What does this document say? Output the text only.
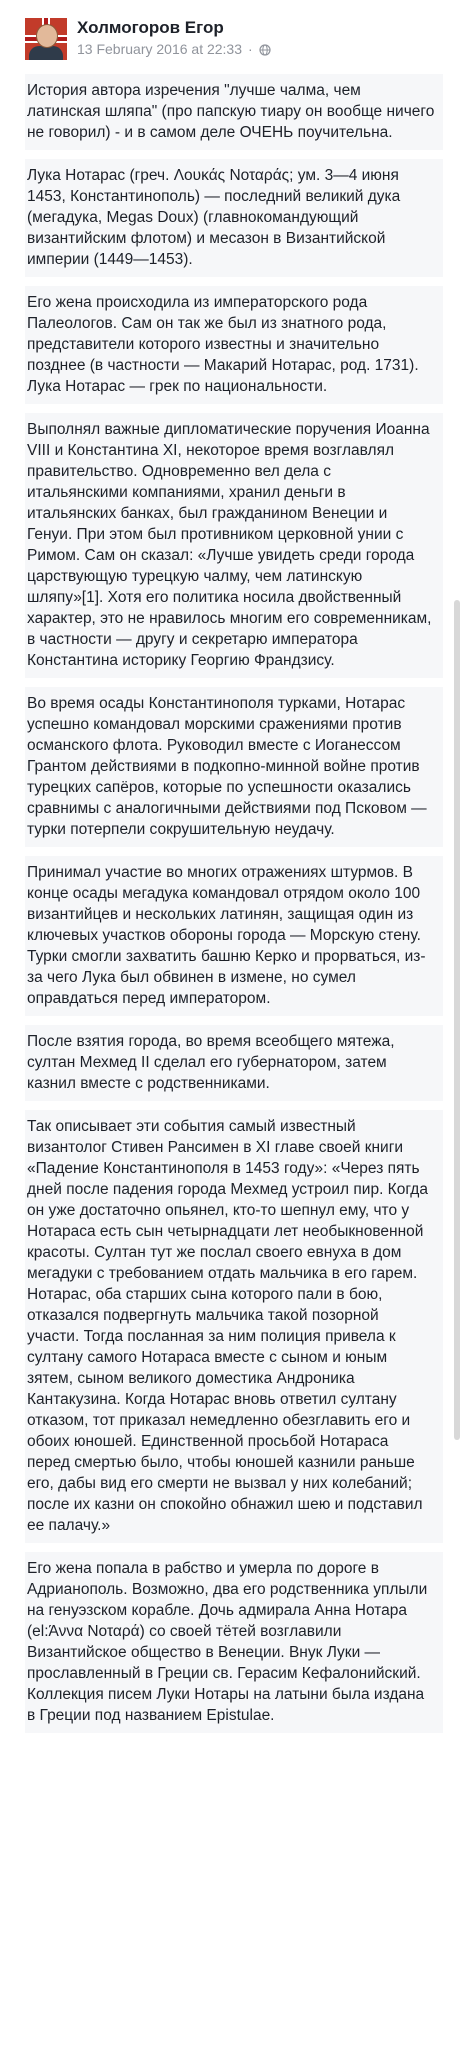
Холмогоров Егор
13 February 2016 at 22:33 ·
История автора изречения "лучше чалма, чем латинская шляпа" (про папскую тиару он вообще ничего не говорил) - и в самом деле ОЧЕНЬ поучительна.
Лука Нотарас (греч. Λουκάς Νοταράς; ум. 3—4 июня 1453, Константинополь) — последний великий дука (мегадука, Megas Doux) (главнокомандующий византийским флотом) и месазон в Византийской империи (1449—1453).
Его жена происходила из императорского рода Палеологов. Сам он так же был из знатного рода, представители которого известны и значительно позднее (в частности — Макарий Нотарас, род. 1731). Лука Нотарас — грек по национальности.
Выполнял важные дипломатические поручения Иоанна VIII и Константина XI, некоторое время возглавлял правительство. Одновременно вел дела с итальянскими компаниями, хранил деньги в итальянских банках, был гражданином Венеции и Генуи. При этом был противником церковной унии с Римом. Сам он сказал: «Лучше увидеть среди города царствующую турецкую чалму, чем латинскую шляпу»[1]. Хотя его политика носила двойственный характер, это не нравилось многим его современникам, в частности — другу и секретарю императора Константина историку Георгию Франдзису.
Во время осады Константинополя турками, Нотарас успешно командовал морскими сражениями против османского флота. Руководил вместе с Иоганессом Грантом действиями в подкопно-минной войне против турецких сапёров, которые по успешности оказались сравнимы с аналогичными действиями под Псковом — турки потерпели сокрушительную неудачу.
Принимал участие во многих отражениях штурмов. В конце осады мегадука командовал отрядом около 100 византийцев и нескольких латинян, защищая один из ключевых участков обороны города — Морскую стену. Турки смогли захватить башню Керко и прорваться, из-за чего Лука был обвинен в измене, но сумел оправдаться перед императором.
После взятия города, во время всеобщего мятежа, султан Мехмед II сделал его губернатором, затем казнил вместе с родственниками.
Так описывает эти события самый известный византолог Стивен Рансимен в XI главе своей книги «Падение Константинополя в 1453 году»: «Через пять дней после падения города Мехмед устроил пир. Когда он уже достаточно опьянел, кто-то шепнул ему, что у Нотараса есть сын четырнадцати лет необыкновенной красоты. Султан тут же послал своего евнуха в дом мегадуки с требованием отдать мальчика в его гарем. Нотарас, оба старших сына которого пали в бою, отказался подвергнуть мальчика такой позорной участи. Тогда посланная за ним полиция привела к султану самого Нотараса вместе с сыном и юным зятем, сыном великого доместика Андроника Кантакузина. Когда Нотарас вновь ответил султану отказом, тот приказал немедленно обезглавить его и обоих юношей. Единственной просьбой Нотараса перед смертью было, чтобы юношей казнили раньше его, дабы вид его смерти не вызвал у них колебаний; после их казни он спокойно обнажил шею и подставил ее палачу.»
Его жена попала в рабство и умерла по дороге в Адрианополь. Возможно, два его родственника уплыли на генуэзском корабле. Дочь адмирала Анна Нотара (el:Άννα Νοταρά) со своей тётей возглавили Византийское общество в Венеции. Внук Луки — прославленный в Греции св. Герасим Кефалонийский. Коллекция писем Луки Нотары на латыни была издана в Греции под названием Epistulae.
